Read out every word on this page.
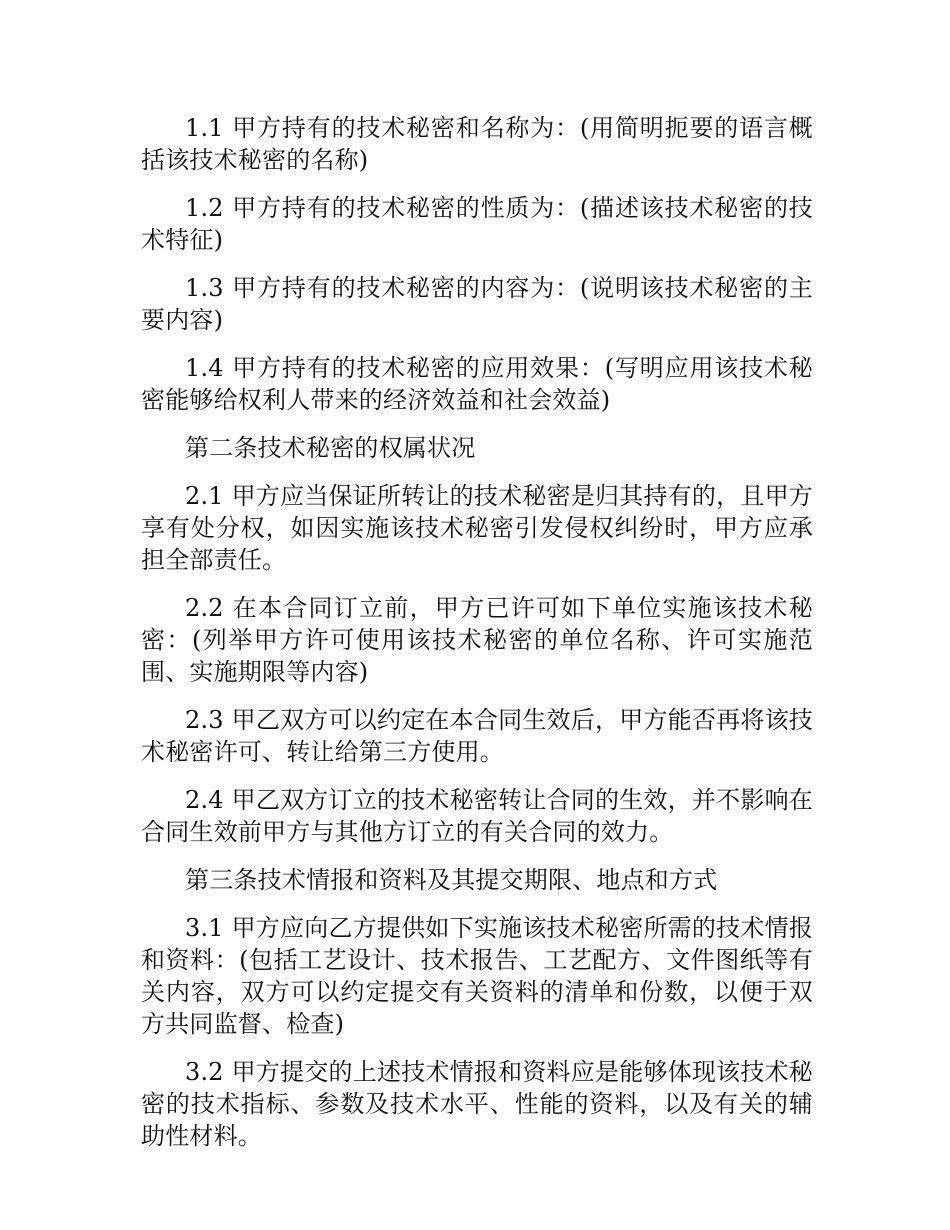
1.1 甲方持有的技术秘密和名称为：(用简明扼要的语言概括该技术秘密的名称)

1.2 甲方持有的技术秘密的性质为：(描述该技术秘密的技术特征)

1.3 甲方持有的技术秘密的内容为：(说明该技术秘密的主要内容)

1.4 甲方持有的技术秘密的应用效果：(写明应用该技术秘密能够给权利人带来的经济效益和社会效益)

第二条技术秘密的权属状况

2.1 甲方应当保证所转让的技术秘密是归其持有的，且甲方享有处分权，如因实施该技术秘密引发侵权纠纷时，甲方应承担全部责任。

2.2 在本合同订立前，甲方已许可如下单位实施该技术秘密：(列举甲方许可使用该技术秘密的单位名称、许可实施范围、实施期限等内容)

2.3 甲乙双方可以约定在本合同生效后，甲方能否再将该技术秘密许可、转让给第三方使用。

2.4 甲乙双方订立的技术秘密转让合同的生效，并不影响在合同生效前甲方与其他方订立的有关合同的效力。

第三条技术情报和资料及其提交期限、地点和方式

3.1 甲方应向乙方提供如下实施该技术秘密所需的技术情报和资料：(包括工艺设计、技术报告、工艺配方、文件图纸等有关内容，双方可以约定提交有关资料的清单和份数，以便于双方共同监督、检查)

3.2 甲方提交的上述技术情报和资料应是能够体现该技术秘密的技术指标、参数及技术水平、性能的资料，以及有关的辅助性材料。
